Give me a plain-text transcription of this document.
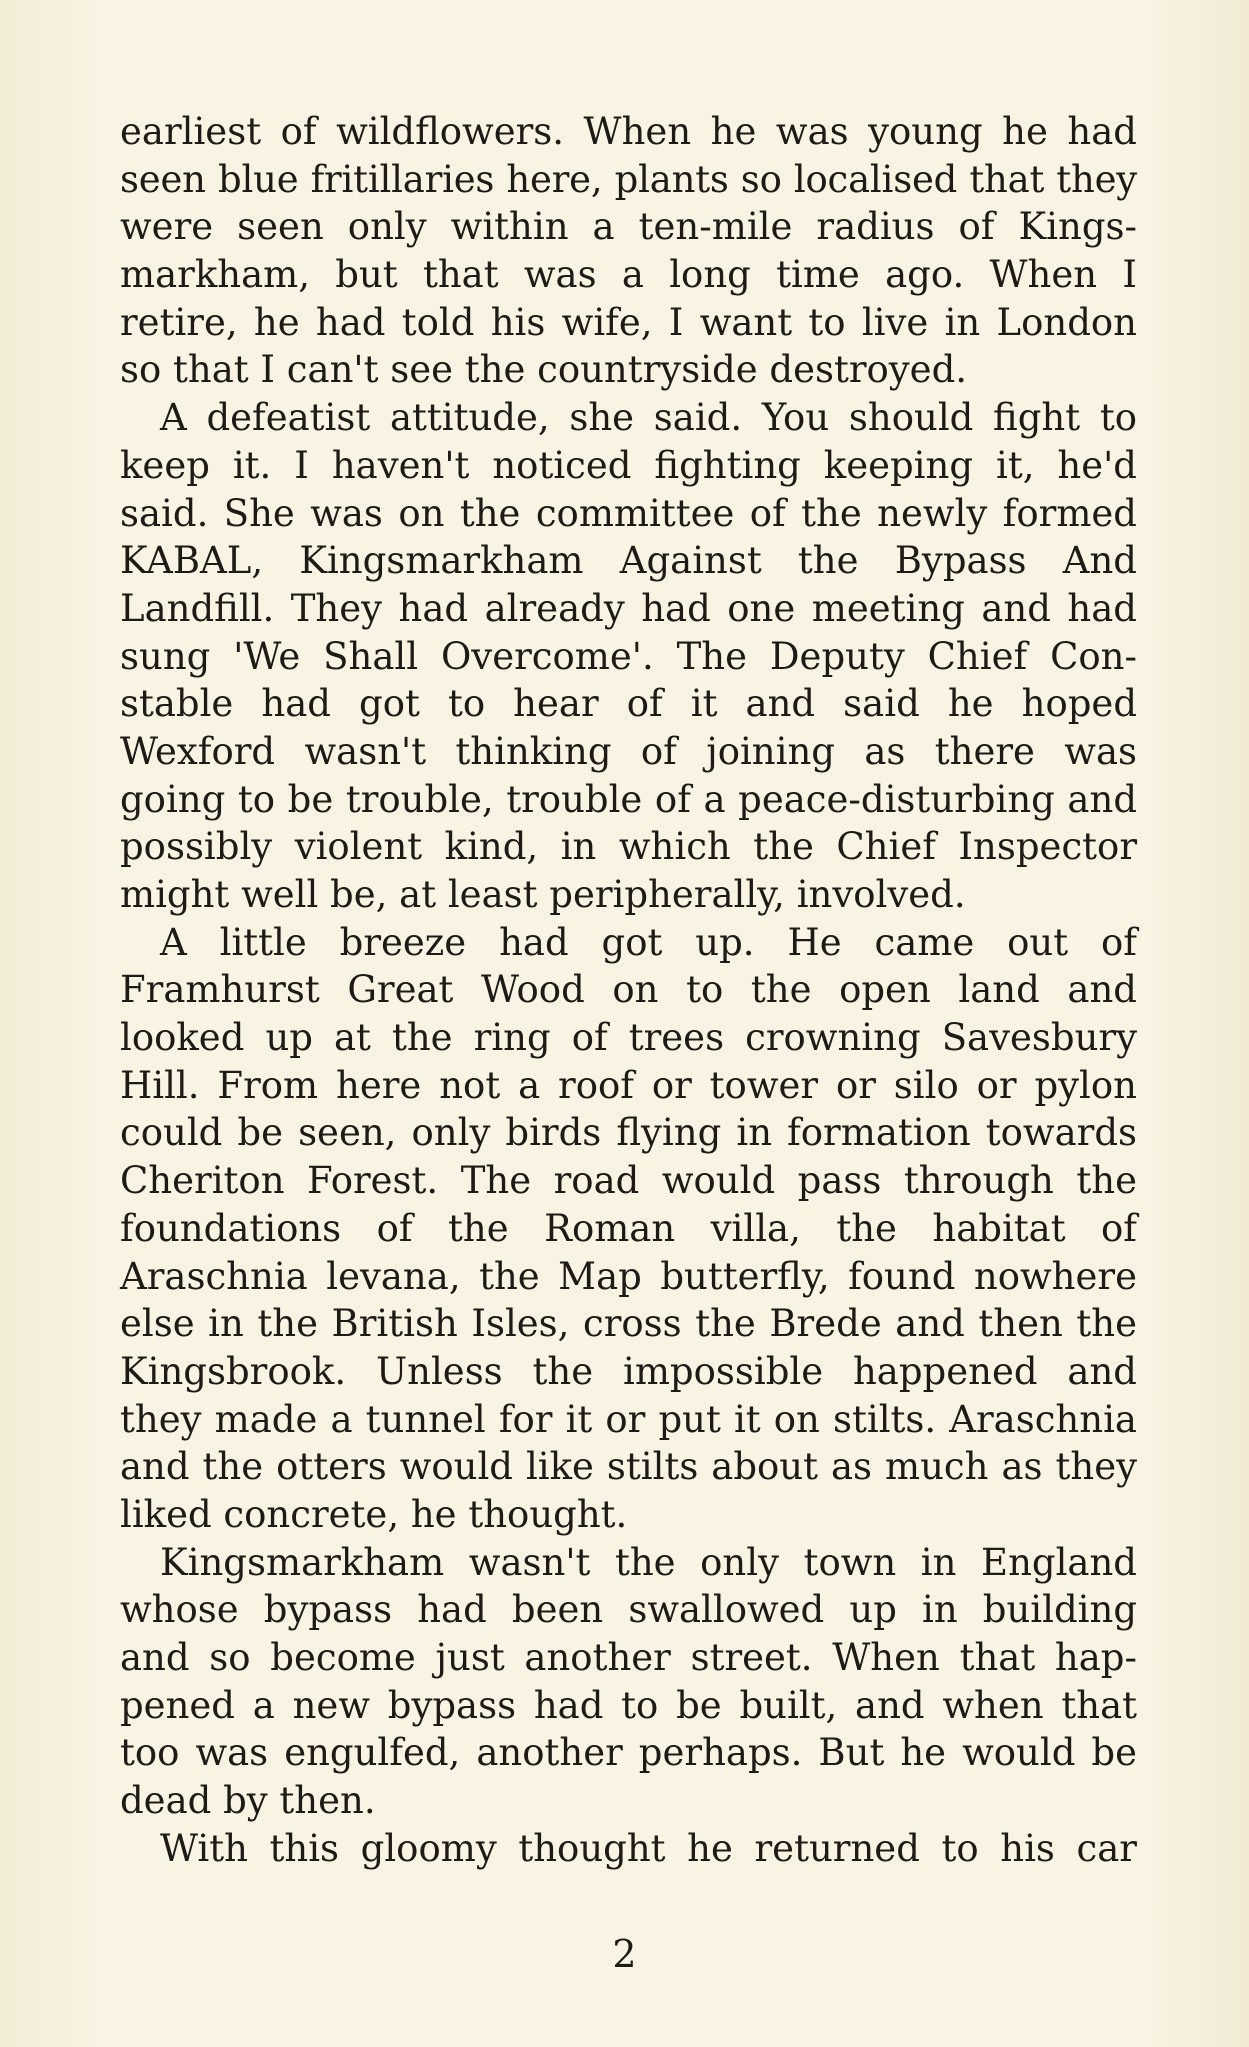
earliest of wildflowers. When he was young he had
seen blue fritillaries here, plants so localised that they
were seen only within a ten-mile radius of Kings-
markham, but that was a long time ago. When I
retire, he had told his wife, I want to live in London
so that I can't see the countryside destroyed.
A defeatist attitude, she said. You should fight to
keep it. I haven't noticed fighting keeping it, he'd
said. She was on the committee of the newly formed
KABAL, Kingsmarkham Against the Bypass And
Landfill. They had already had one meeting and had
sung 'We Shall Overcome'. The Deputy Chief Con-
stable had got to hear of it and said he hoped
Wexford wasn't thinking of joining as there was
going to be trouble, trouble of a peace-disturbing and
possibly violent kind, in which the Chief Inspector
might well be, at least peripherally, involved.
A little breeze had got up. He came out of
Framhurst Great Wood on to the open land and
looked up at the ring of trees crowning Savesbury
Hill. From here not a roof or tower or silo or pylon
could be seen, only birds flying in formation towards
Cheriton Forest. The road would pass through the
foundations of the Roman villa, the habitat of
Araschnia levana, the Map butterfly, found nowhere
else in the British Isles, cross the Brede and then the
Kingsbrook. Unless the impossible happened and
they made a tunnel for it or put it on stilts. Araschnia
and the otters would like stilts about as much as they
liked concrete, he thought.
Kingsmarkham wasn't the only town in England
whose bypass had been swallowed up in building
and so become just another street. When that hap-
pened a new bypass had to be built, and when that
too was engulfed, another perhaps. But he would be
dead by then.
With this gloomy thought he returned to his car
2
